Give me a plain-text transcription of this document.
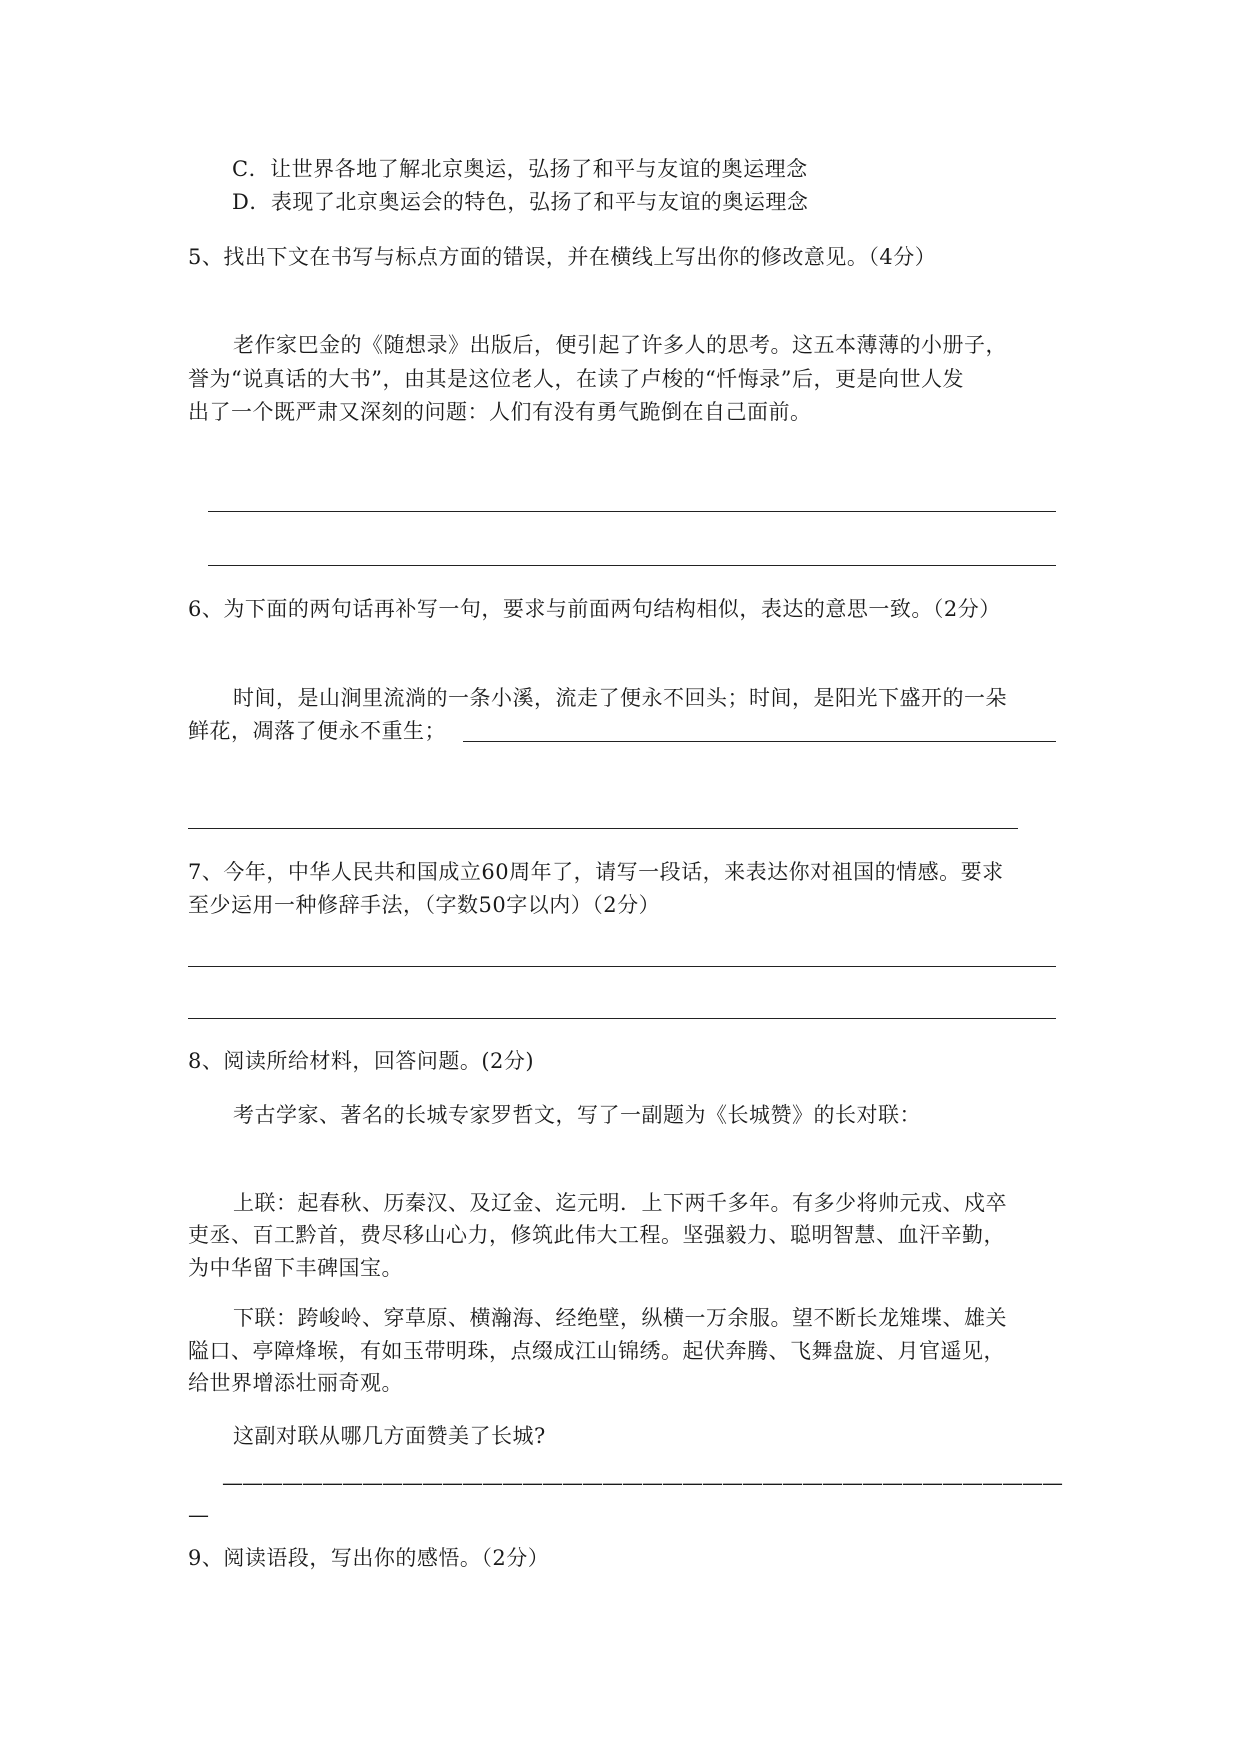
C．让世界各地了解北京奥运，弘扬了和平与友谊的奥运理念
D．表现了北京奥运会的特色，弘扬了和平与友谊的奥运理念
5、找出下文在书写与标点方面的错误，并在横线上写出你的修改意见。（4分）
老作家巴金的《随想录》出版后，便引起了许多人的思考。这五本薄薄的小册子，
誉为“说真话的大书”，由其是这位老人，在读了卢梭的“忏悔录”后，更是向世人发
出了一个既严肃又深刻的问题：人们有没有勇气跪倒在自己面前。
6、为下面的两句话再补写一句，要求与前面两句结构相似，表达的意思一致。（2分）
时间，是山涧里流淌的一条小溪，流走了便永不回头；时间，是阳光下盛开的一朵
鲜花，凋落了便永不重生；
7、今年，中华人民共和国成立60周年了，请写一段话，来表达你对祖国的情感。要求
至少运用一种修辞手法，（字数50字以内）（2分）
8、阅读所给材料，回答问题。(2分)
考古学家、著名的长城专家罗哲文，写了一副题为《长城赞》的长对联：
上联：起春秋、历秦汉、及辽金、迄元明．上下两千多年。有多少将帅元戎、戍卒
吏丞、百工黔首，费尽移山心力，修筑此伟大工程。坚强毅力、聪明智慧、血汗辛勤，
为中华留下丰碑国宝。
下联：跨峻岭、穿草原、横瀚海、经绝壁，纵横一万余服。望不断长龙雉堞、雄关
隘口、亭障烽堠，有如玉带明珠，点缀成江山锦绣。起伏奔腾、飞舞盘旋、月官遥见，
给世界增添壮丽奇观。
这副对联从哪几方面赞美了长城?
——————————————————————————————————————————
—
9、阅读语段，写出你的感悟。（2分）
